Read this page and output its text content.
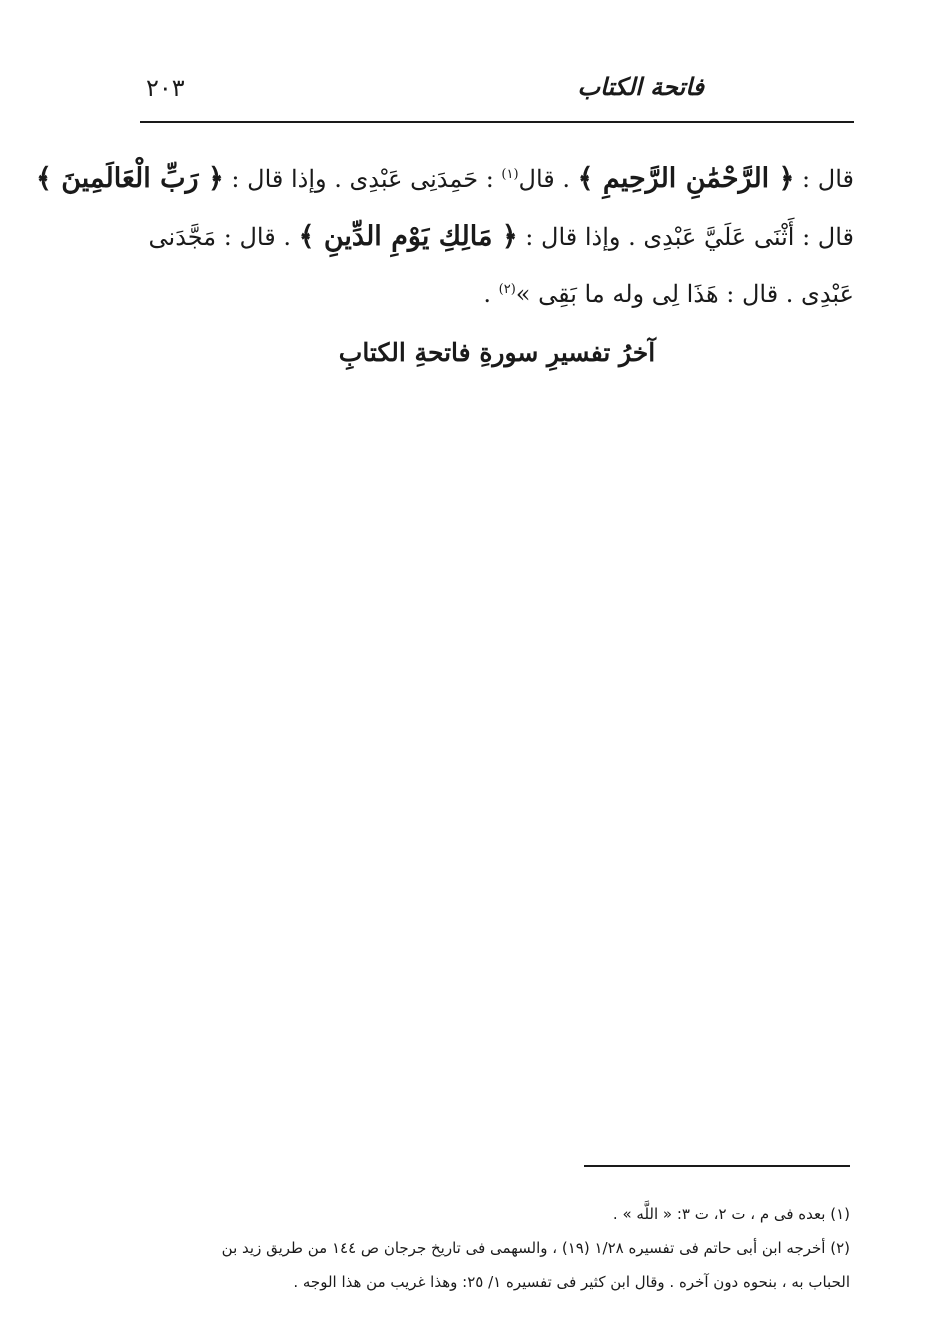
٢٠٣	فاتحة الكتاب
قال : ﴿ الرَّحْمَٰنِ الرَّحِيمِ ﴾ . قال$^{(١)}$ : حَمِدَنِى عَبْدِى . وإذا قال : ﴿ رَبِّ الْعَالَمِينَ ﴾
قال : أَثْنَى عَلَيَّ عَبْدِى . وإذا قال : ﴿ مَالِكِ يَوْمِ الدِّينِ ﴾ . قال : مَجَّدَنى
عَبْدِى . قال : هَذَا لِى وله ما بَقِى »$^{(٢)}$ .
آخرُ تفسيرِ سورةِ فاتحةِ الكتابِ
(١) بعده فى م ، ت ٢، ت ٣: « اللَّه » .
(٢) أخرجه ابن أبى حاتم فى تفسيره ١/٢٨ (١٩) ، والسهمى فى تاريخ جرجان ص ١٤٤ من طريق زيد بن
الحباب به ، بنحوه دون آخره . وقال ابن كثير فى تفسيره ١/ ٢٥: وهذا غريب من هذا الوجه .
